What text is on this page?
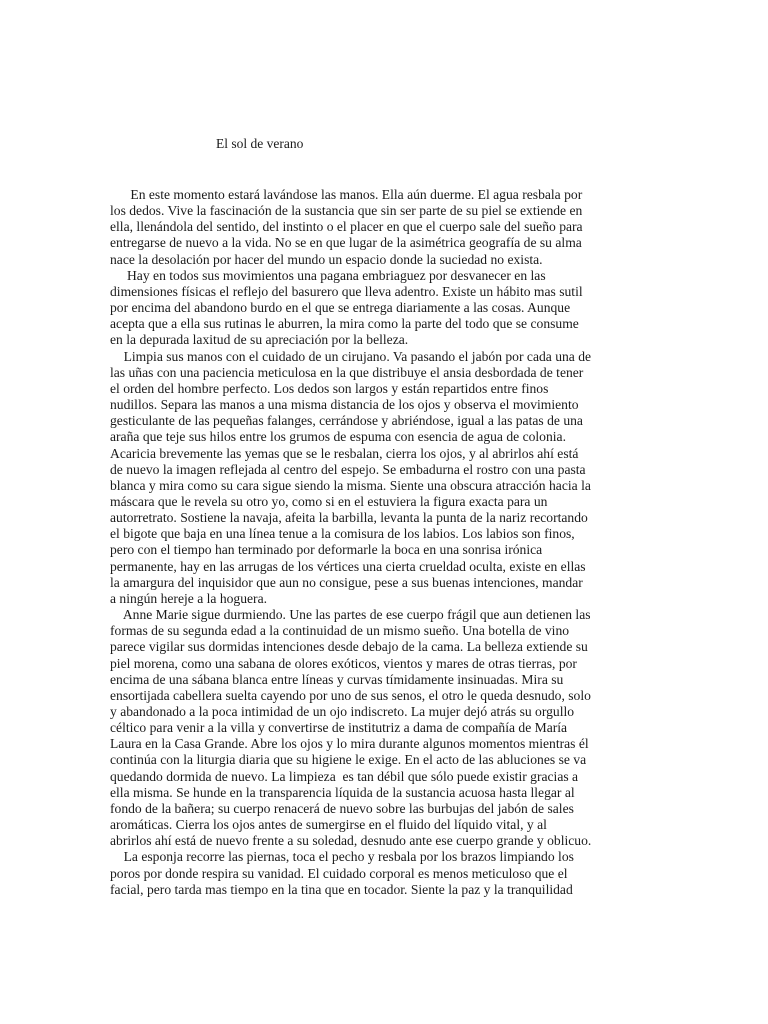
El sol de verano
En este momento estará lavándose las manos. Ella aún duerme. El agua resbala por
los dedos. Vive la fascinación de la sustancia que sin ser parte de su piel se extiende en
ella, llenándola del sentido, del instinto o el placer en que el cuerpo sale del sueño para
entregarse de nuevo a la vida. No se en que lugar de la asimétrica geografía de su alma
nace la desolación por hacer del mundo un espacio donde la suciedad no exista.
Hay en todos sus movimientos una pagana embriaguez por desvanecer en las
dimensiones físicas el reflejo del basurero que lleva adentro. Existe un hábito mas sutil
por encima del abandono burdo en el que se entrega diariamente a las cosas. Aunque
acepta que a ella sus rutinas le aburren, la mira como la parte del todo que se consume
en la depurada laxitud de su apreciación por la belleza.
Limpia sus manos con el cuidado de un cirujano. Va pasando el jabón por cada una de
las uñas con una paciencia meticulosa en la que distribuye el ansia desbordada de tener
el orden del hombre perfecto. Los dedos son largos y están repartidos entre finos
nudillos. Separa las manos a una misma distancia de los ojos y observa el movimiento
gesticulante de las pequeñas falanges, cerrándose y abriéndose, igual a las patas de una
araña que teje sus hilos entre los grumos de espuma con esencia de agua de colonia.
Acaricia brevemente las yemas que se le resbalan, cierra los ojos, y al abrirlos ahí está
de nuevo la imagen reflejada al centro del espejo. Se embadurna el rostro con una pasta
blanca y mira como su cara sigue siendo la misma. Siente una obscura atracción hacia la
máscara que le revela su otro yo, como si en el estuviera la figura exacta para un
autorretrato. Sostiene la navaja, afeita la barbilla, levanta la punta de la nariz recortando
el bigote que baja en una línea tenue a la comisura de los labios. Los labios son finos,
pero con el tiempo han terminado por deformarle la boca en una sonrisa irónica
permanente, hay en las arrugas de los vértices una cierta crueldad oculta, existe en ellas
la amargura del inquisidor que aun no consigue, pese a sus buenas intenciones, mandar
a ningún hereje a la hoguera.
Anne Marie sigue durmiendo. Une las partes de ese cuerpo frágil que aun detienen las
formas de su segunda edad a la continuidad de un mismo sueño. Una botella de vino
parece vigilar sus dormidas intenciones desde debajo de la cama. La belleza extiende su
piel morena, como una sabana de olores exóticos, vientos y mares de otras tierras, por
encima de una sábana blanca entre líneas y curvas tímidamente insinuadas. Mira su
ensortijada cabellera suelta cayendo por uno de sus senos, el otro le queda desnudo, solo
y abandonado a la poca intimidad de un ojo indiscreto. La mujer dejó atrás su orgullo
céltico para venir a la villa y convertirse de institutriz a dama de compañía de María
Laura en la Casa Grande. Abre los ojos y lo mira durante algunos momentos mientras él
continúa con la liturgia diaria que su higiene le exige. En el acto de las abluciones se va
quedando dormida de nuevo. La limpieza  es tan débil que sólo puede existir gracias a
ella misma. Se hunde en la transparencia líquida de la sustancia acuosa hasta llegar al
fondo de la bañera; su cuerpo renacerá de nuevo sobre las burbujas del jabón de sales
aromáticas. Cierra los ojos antes de sumergirse en el fluido del líquido vital, y al
abrirlos ahí está de nuevo frente a su soledad, desnudo ante ese cuerpo grande y oblicuo.
La esponja recorre las piernas, toca el pecho y resbala por los brazos limpiando los
poros por donde respira su vanidad. El cuidado corporal es menos meticuloso que el
facial, pero tarda mas tiempo en la tina que en tocador. Siente la paz y la tranquilidad
